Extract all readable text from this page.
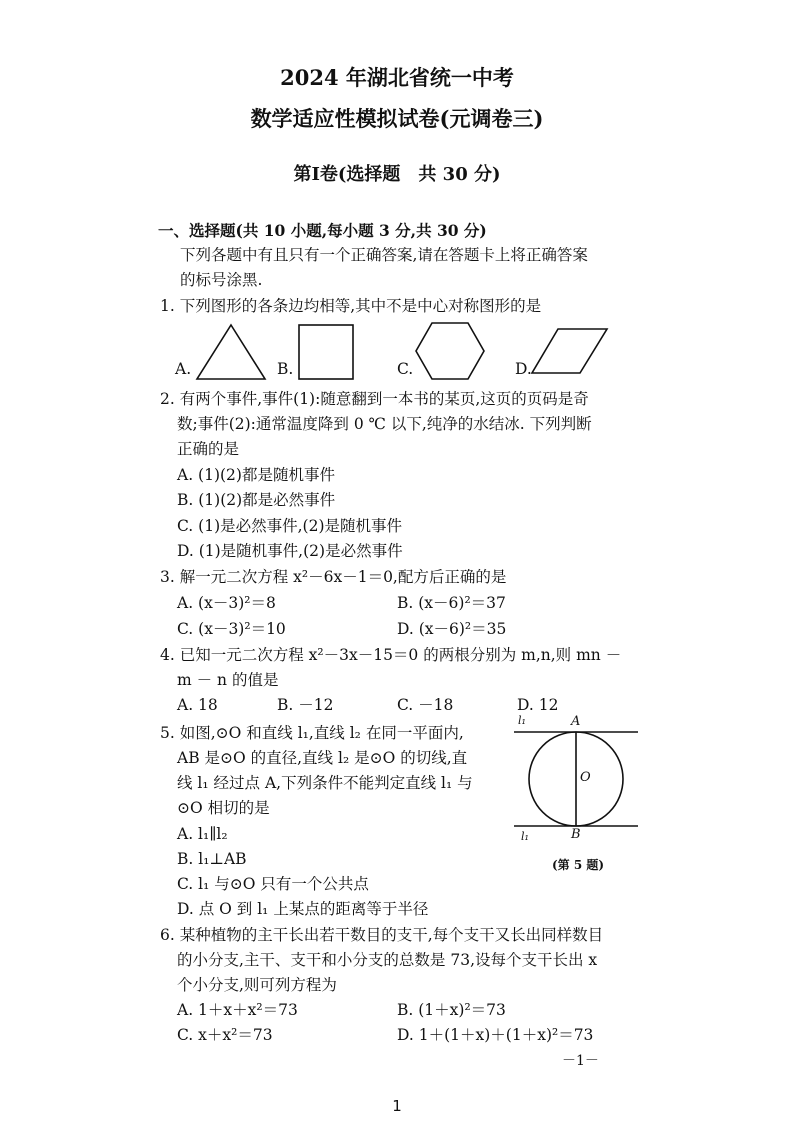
2024 年湖北省统一中考
数学适应性模拟试卷(元调卷三)
第Ⅰ卷(选择题　共 30 分)
一、选择题(共 10 小题,每小题 3 分,共 30 分)
下列各题中有且只有一个正确答案,请在答题卡上将正确答案
的标号涂黑.
1. 下列图形的各条边均相等,其中不是中心对称图形的是
A.	B.	C.	D.
2. 有两个事件,事件(1):随意翻到一本书的某页,这页的页码是奇
数;事件(2):通常温度降到 0 ℃ 以下,纯净的水结冰. 下列判断
正确的是
A. (1)(2)都是随机事件
B. (1)(2)都是必然事件
C. (1)是必然事件,(2)是随机事件
D. (1)是随机事件,(2)是必然事件
3. 解一元二次方程 x²－6x－1＝0,配方后正确的是
A. (x－3)²＝8	B. (x－6)²＝37
C. (x－3)²＝10	D. (x－6)²＝35
4. 已知一元二次方程 x²－3x－15＝0 的两根分别为 m,n,则 mn －
m － n 的值是
A. 18	B. －12	C. －18	D. 12
5. 如图,⊙O 和直线 l₁,直线 l₂ 在同一平面内,
AB 是⊙O 的直径,直线 l₂ 是⊙O 的切线,直
线 l₁ 经过点 A,下列条件不能判定直线 l₁ 与
⊙O 相切的是
A. l₁∥l₂
B. l₁⊥AB
C. l₁ 与⊙O 只有一个公共点
D. 点 O 到 l₁ 上某点的距离等于半径
l₁	A
O
l₁	B
(第 5 题)
6. 某种植物的主干长出若干数目的支干,每个支干又长出同样数目
的小分支,主干、支干和小分支的总数是 73,设每个支干长出 x
个小分支,则可列方程为
A. 1＋x＋x²＝73	B. (1＋x)²＝73
C. x＋x²＝73	D. 1＋(1＋x)＋(1＋x)²＝73
－1－
1
